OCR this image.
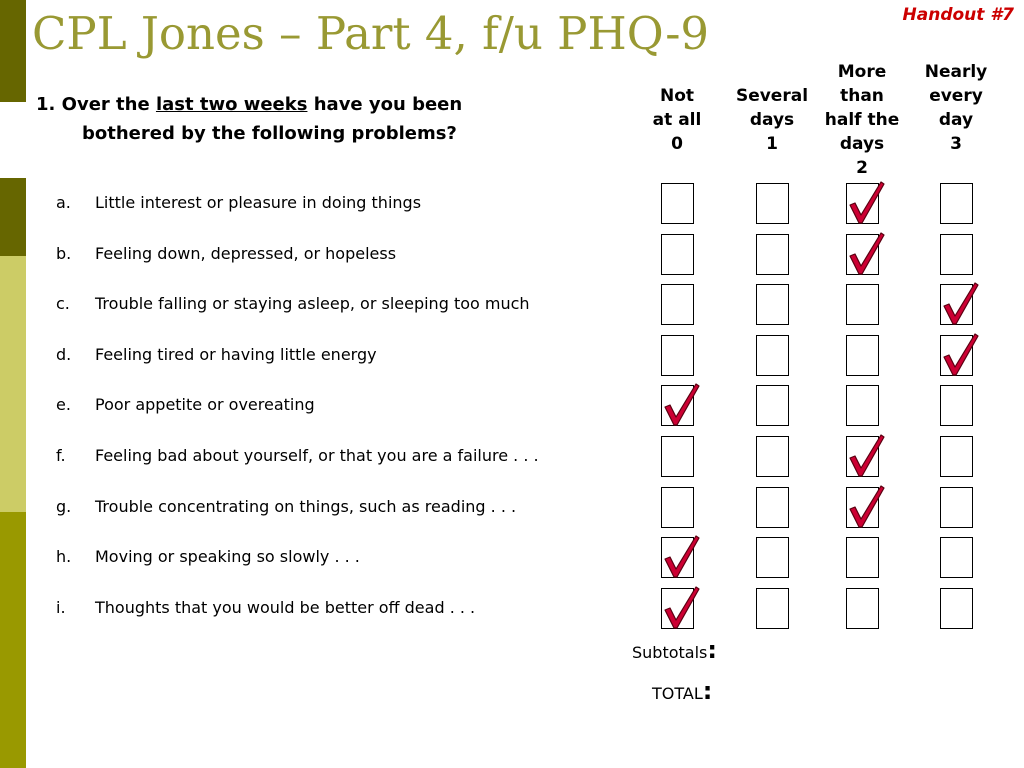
CPL Jones – Part 4, f/u PHQ-9	Handout #7
1. Over the last two weeks have you been
bothered by the following problems?
Not
at all
0
Several
days
1
More than
half the
days
2
Nearly
every
day
3
a. Little interest or pleasure in doing things
b. Feeling down, depressed, or hopeless
c. Trouble falling or staying asleep, or sleeping too much
d. Feeling tired or having little energy
e. Poor appetite or overeating
f. Feeling bad about yourself, or that you are a failure . . .
g. Trouble concentrating on things, such as reading . . .
h. Moving or speaking so slowly . . .
i. Thoughts that you would be better off dead . . .
Subtotals:
TOTAL:
